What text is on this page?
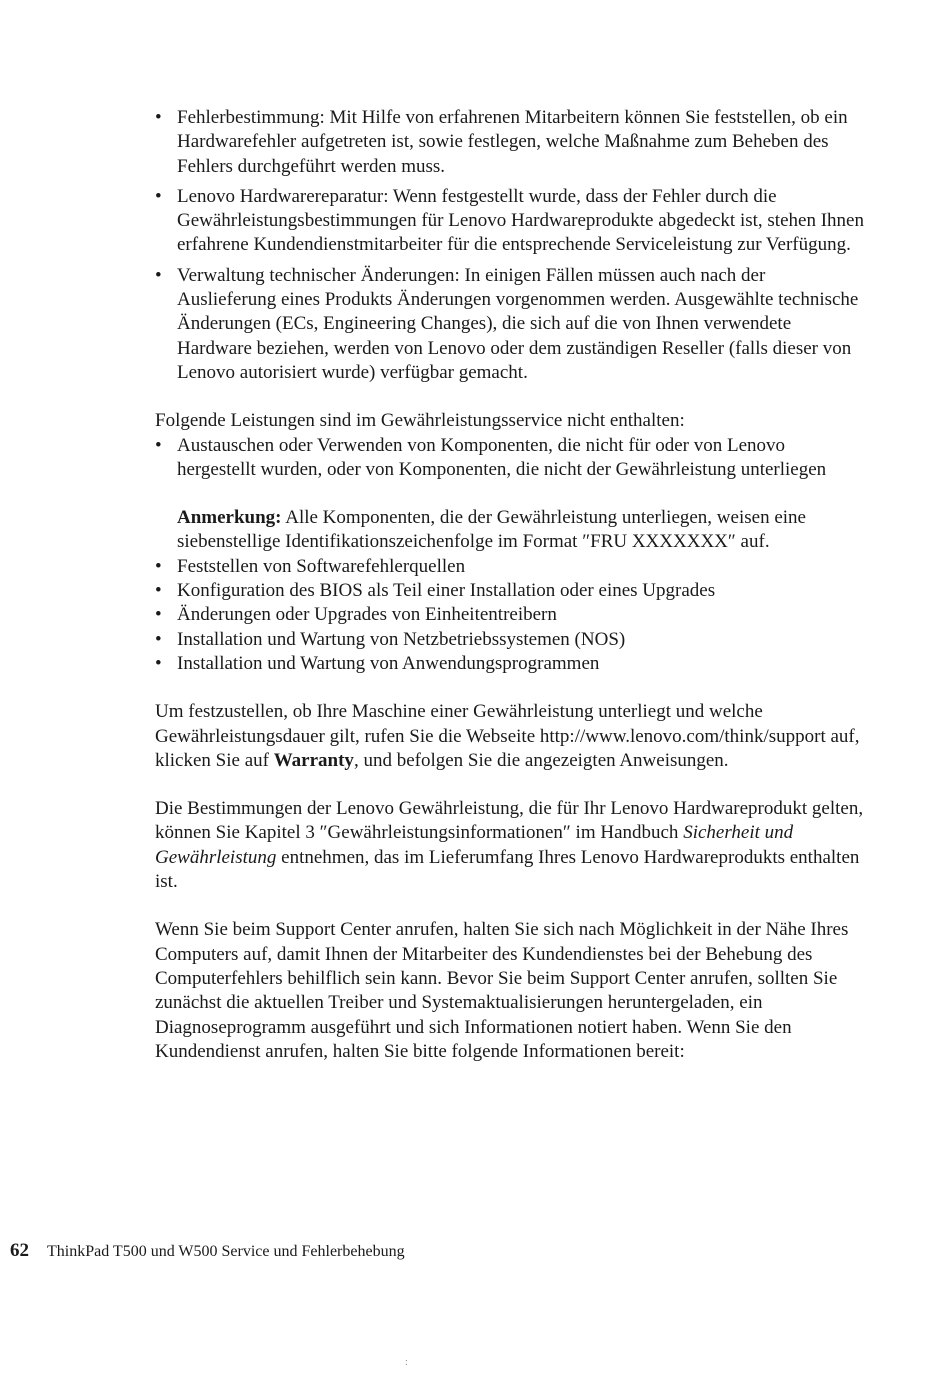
• Fehlerbestimmung: Mit Hilfe von erfahrenen Mitarbeitern können Sie feststellen, ob ein Hardwarefehler aufgetreten ist, sowie festlegen, welche Maßnahme zum Beheben des Fehlers durchgeführt werden muss.
• Lenovo Hardwarereparatur: Wenn festgestellt wurde, dass der Fehler durch die Gewährleistungsbestimmungen für Lenovo Hardwareprodukte abgedeckt ist, stehen Ihnen erfahrene Kundendienstmitarbeiter für die entsprechende Serviceleistung zur Verfügung.
• Verwaltung technischer Änderungen: In einigen Fällen müssen auch nach der Auslieferung eines Produkts Änderungen vorgenommen werden. Ausgewählte technische Änderungen (ECs, Engineering Changes), die sich auf die von Ihnen verwendete Hardware beziehen, werden von Lenovo oder dem zuständigen Reseller (falls dieser von Lenovo autorisiert wurde) verfügbar gemacht.

Folgende Leistungen sind im Gewährleistungsservice nicht enthalten:

• Austauschen oder Verwenden von Komponenten, die nicht für oder von Lenovo hergestellt wurden, oder von Komponenten, die nicht der Gewährleistung unterliegen

Anmerkung: Alle Komponenten, die der Gewährleistung unterliegen, weisen eine siebenstellige Identifikationszeichenfolge im Format ″FRU XXXXXXX″ auf.

• Feststellen von Softwarefehlerquellen
• Konfiguration des BIOS als Teil einer Installation oder eines Upgrades
• Änderungen oder Upgrades von Einheitentreibern
• Installation und Wartung von Netzbetriebssystemen (NOS)
• Installation und Wartung von Anwendungsprogrammen

Um festzustellen, ob Ihre Maschine einer Gewährleistung unterliegt und welche Gewährleistungsdauer gilt, rufen Sie die Webseite http://www.lenovo.com/think/support auf, klicken Sie auf Warranty, und befolgen Sie die angezeigten Anweisungen.

Die Bestimmungen der Lenovo Gewährleistung, die für Ihr Lenovo Hardwareprodukt gelten, können Sie Kapitel 3 ″Gewährleistungsinformationen″ im Handbuch Sicherheit und Gewährleistung entnehmen, das im Lieferumfang Ihres Lenovo Hardwareprodukts enthalten ist.

Wenn Sie beim Support Center anrufen, halten Sie sich nach Möglichkeit in der Nähe Ihres Computers auf, damit Ihnen der Mitarbeiter des Kundendienstes bei der Behebung des Computerfehlers behilflich sein kann. Bevor Sie beim Support Center anrufen, sollten Sie zunächst die aktuellen Treiber und Systemaktualisierungen heruntergeladen, ein Diagnoseprogramm ausgeführt und sich Informationen notiert haben. Wenn Sie den Kundendienst anrufen, halten Sie bitte folgende Informationen bereit:

62 ThinkPad T500 und W500 Service und Fehlerbehebung
:
